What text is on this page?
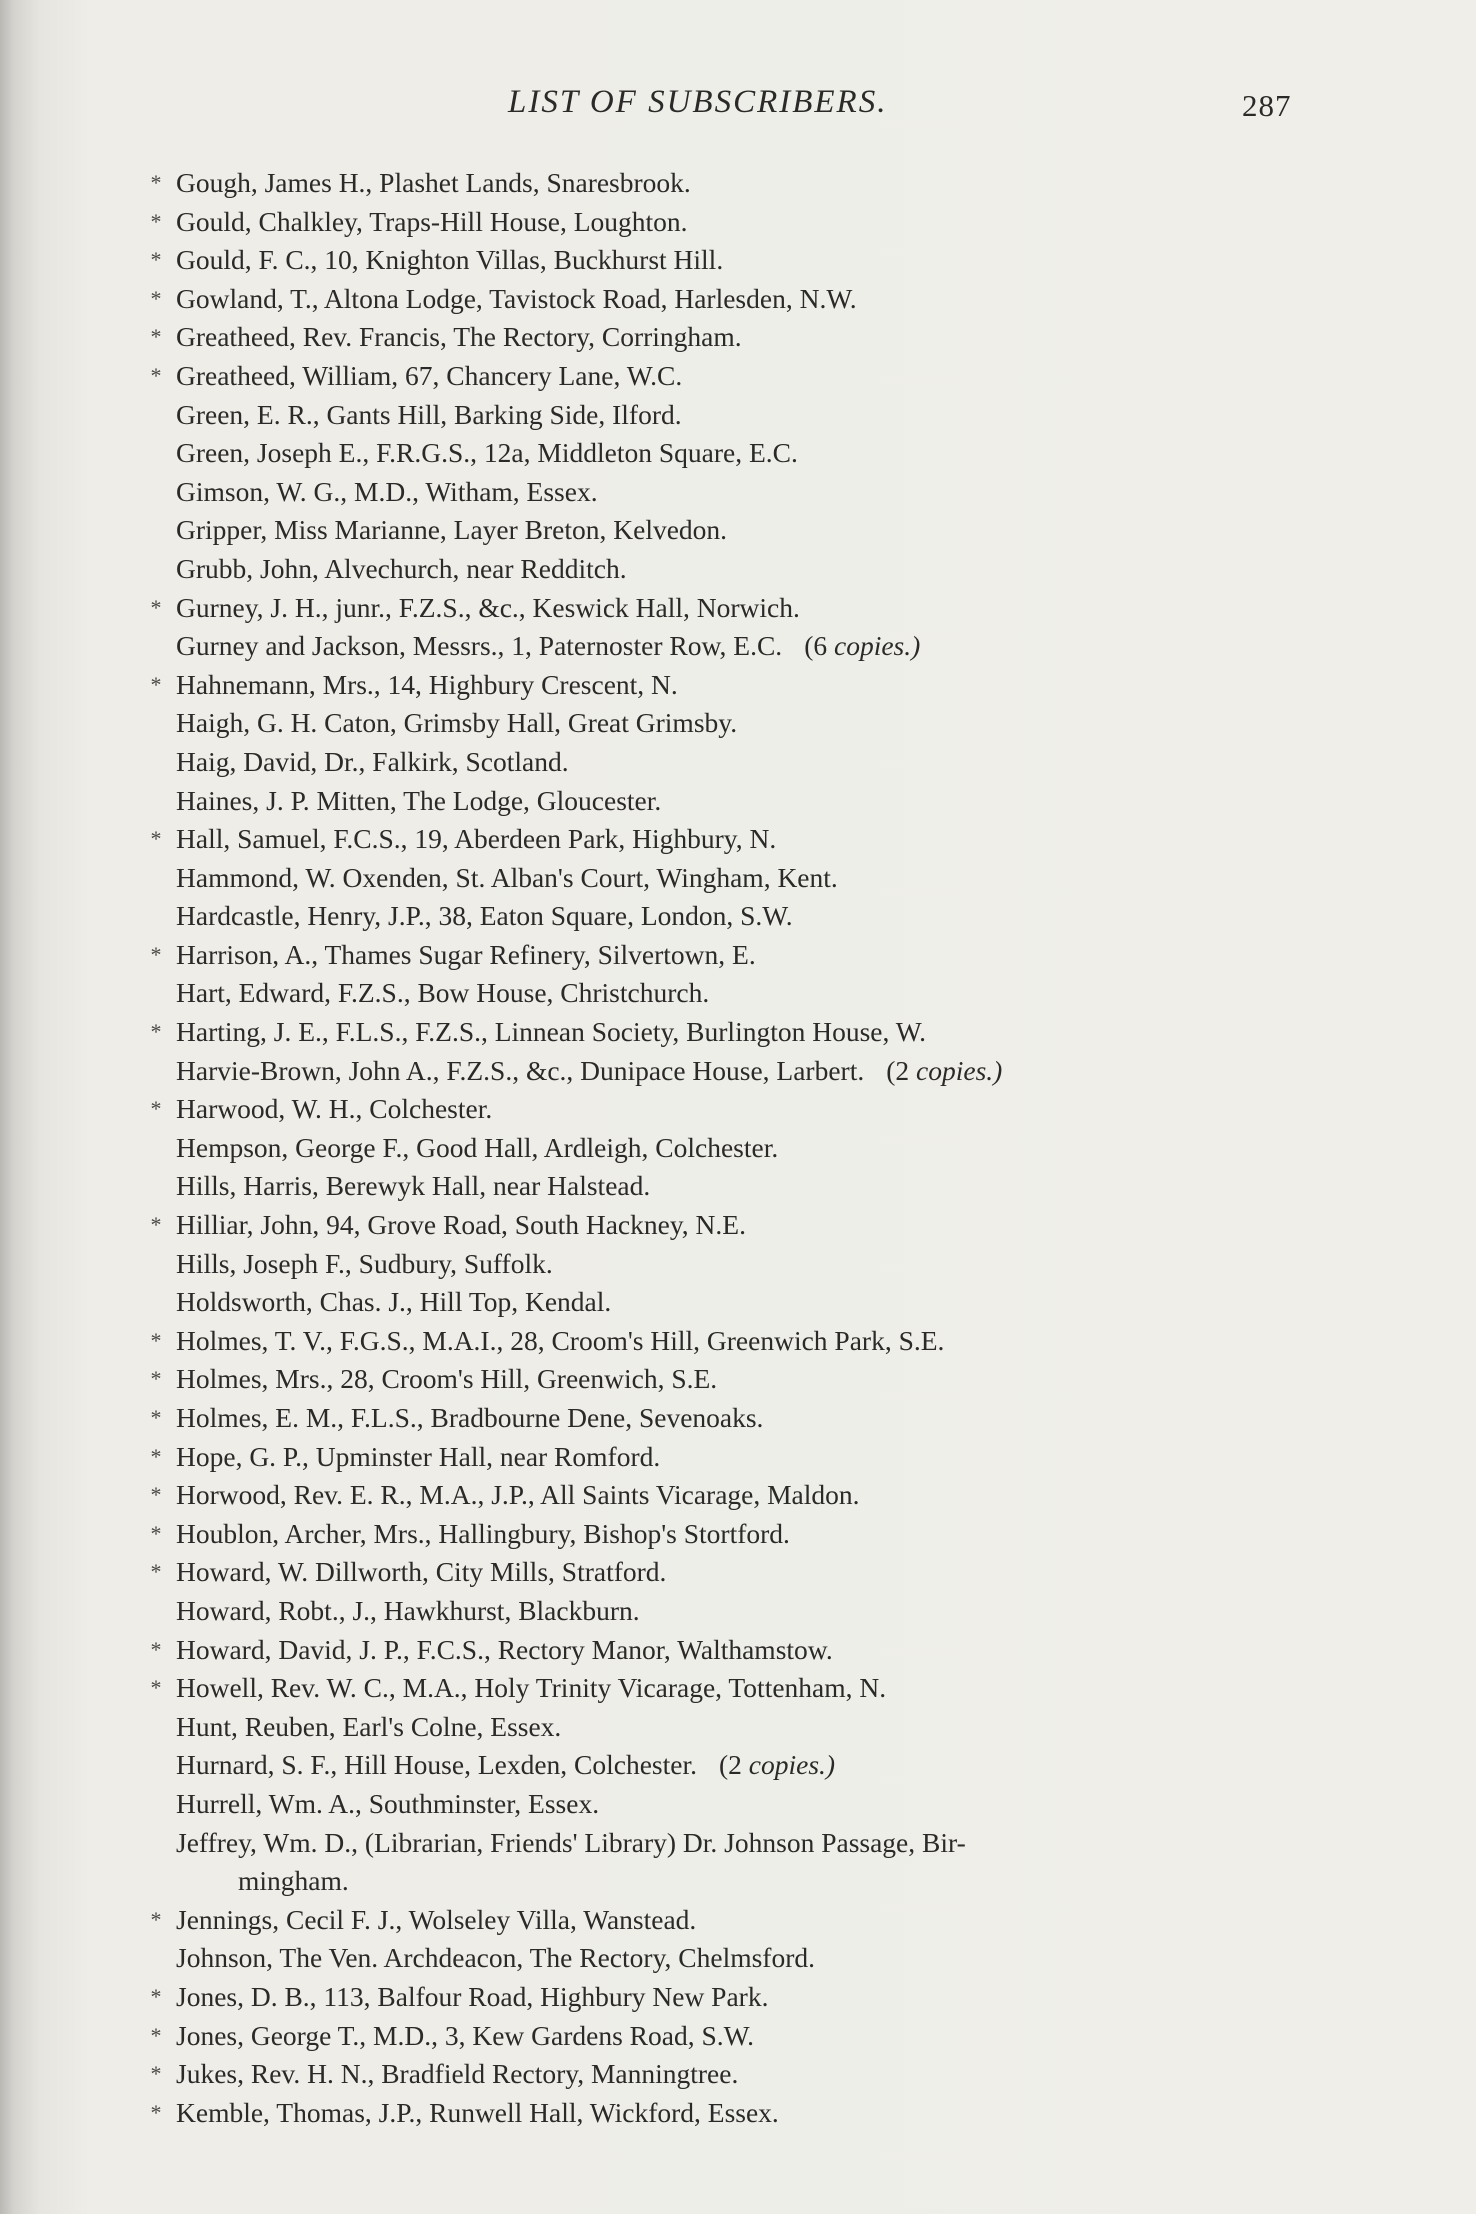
LIST OF SUBSCRIBERS.	287
* Gough, James H., Plashet Lands, Snaresbrook.
* Gould, Chalkley, Traps-Hill House, Loughton.
* Gould, F. C., 10, Knighton Villas, Buckhurst Hill.
* Gowland, T., Altona Lodge, Tavistock Road, Harlesden, N.W.
* Greatheed, Rev. Francis, The Rectory, Corringham.
* Greatheed, William, 67, Chancery Lane, W.C.
Green, E. R., Gants Hill, Barking Side, Ilford.
Green, Joseph E., F.R.G.S., 12a, Middleton Square, E.C.
Gimson, W. G., M.D., Witham, Essex.
Gripper, Miss Marianne, Layer Breton, Kelvedon.
Grubb, John, Alvechurch, near Redditch.
* Gurney, J. H., junr., F.Z.S., &c., Keswick Hall, Norwich.
Gurney and Jackson, Messrs., 1, Paternoster Row, E.C. (6 copies.)
* Hahnemann, Mrs., 14, Highbury Crescent, N.
Haigh, G. H. Caton, Grimsby Hall, Great Grimsby.
Haig, David, Dr., Falkirk, Scotland.
Haines, J. P. Mitten, The Lodge, Gloucester.
* Hall, Samuel, F.C.S., 19, Aberdeen Park, Highbury, N.
Hammond, W. Oxenden, St. Alban's Court, Wingham, Kent.
Hardcastle, Henry, J.P., 38, Eaton Square, London, S.W.
* Harrison, A., Thames Sugar Refinery, Silvertown, E.
Hart, Edward, F.Z.S., Bow House, Christchurch.
* Harting, J. E., F.L.S., F.Z.S., Linnean Society, Burlington House, W.
Harvie-Brown, John A., F.Z.S., &c., Dunipace House, Larbert. (2 copies.)
* Harwood, W. H., Colchester.
Hempson, George F., Good Hall, Ardleigh, Colchester.
Hills, Harris, Berewyk Hall, near Halstead.
* Hilliar, John, 94, Grove Road, South Hackney, N.E.
Hills, Joseph F., Sudbury, Suffolk.
Holdsworth, Chas. J., Hill Top, Kendal.
* Holmes, T. V., F.G.S., M.A.I., 28, Croom's Hill, Greenwich Park, S.E.
* Holmes, Mrs., 28, Croom's Hill, Greenwich, S.E.
* Holmes, E. M., F.L.S., Bradbourne Dene, Sevenoaks.
* Hope, G. P., Upminster Hall, near Romford.
* Horwood, Rev. E. R., M.A., J.P., All Saints Vicarage, Maldon.
* Houblon, Archer, Mrs., Hallingbury, Bishop's Stortford.
* Howard, W. Dillworth, City Mills, Stratford.
Howard, Robt., J., Hawkhurst, Blackburn.
* Howard, David, J. P., F.C.S., Rectory Manor, Walthamstow.
* Howell, Rev. W. C., M.A., Holy Trinity Vicarage, Tottenham, N.
Hunt, Reuben, Earl's Colne, Essex.
Hurnard, S. F., Hill House, Lexden, Colchester. (2 copies.)
Hurrell, Wm. A., Southminster, Essex.
Jeffrey, Wm. D., (Librarian, Friends' Library) Dr. Johnson Passage, Bir-
mingham.
* Jennings, Cecil F. J., Wolseley Villa, Wanstead.
Johnson, The Ven. Archdeacon, The Rectory, Chelmsford.
* Jones, D. B., 113, Balfour Road, Highbury New Park.
* Jones, George T., M.D., 3, Kew Gardens Road, S.W.
* Jukes, Rev. H. N., Bradfield Rectory, Manningtree.
* Kemble, Thomas, J.P., Runwell Hall, Wickford, Essex.
